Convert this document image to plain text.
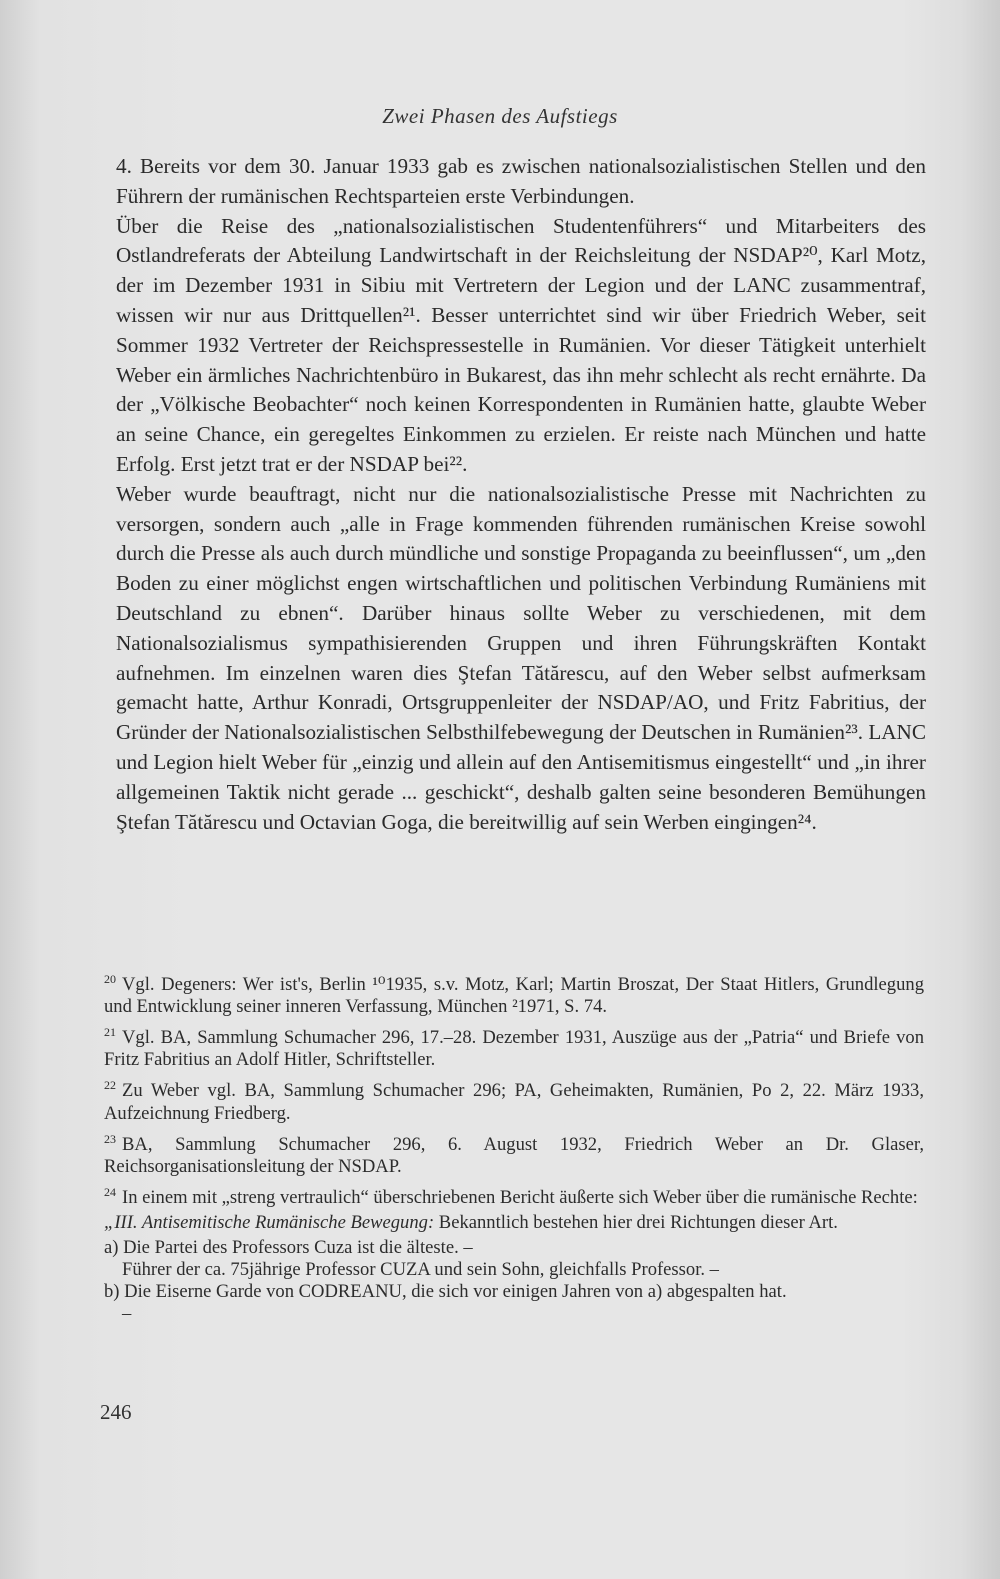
Zwei Phasen des Aufstiegs

4. Bereits vor dem 30. Januar 1933 gab es zwischen nationalsozialistischen Stellen und den Führern der rumänischen Rechtsparteien erste Verbindungen.

Über die Reise des „nationalsozialistischen Studentenführers“ und Mitarbeiters des Ostlandreferats der Abteilung Landwirtschaft in der Reichsleitung der NSDAP²⁰, Karl Motz, der im Dezember 1931 in Sibiu mit Vertretern der Legion und der LANC zusammentraf, wissen wir nur aus Drittquellen²¹. Besser unterrichtet sind wir über Friedrich Weber, seit Sommer 1932 Vertreter der Reichspressestelle in Rumänien. Vor dieser Tätigkeit unterhielt Weber ein ärmliches Nachrichtenbüro in Bukarest, das ihn mehr schlecht als recht ernährte. Da der „Völkische Beobachter“ noch keinen Korrespondenten in Rumänien hatte, glaubte Weber an seine Chance, ein geregeltes Einkommen zu erzielen. Er reiste nach München und hatte Erfolg. Erst jetzt trat er der NSDAP bei²².

Weber wurde beauftragt, nicht nur die nationalsozialistische Presse mit Nachrichten zu versorgen, sondern auch „alle in Frage kommenden führenden rumänischen Kreise sowohl durch die Presse als auch durch mündliche und sonstige Propaganda zu beeinflussen“, um „den Boden zu einer möglichst engen wirtschaftlichen und politischen Verbindung Rumäniens mit Deutschland zu ebnen“. Darüber hinaus sollte Weber zu verschiedenen, mit dem Nationalsozialismus sympathisierenden Gruppen und ihren Führungskräften Kontakt aufnehmen. Im einzelnen waren dies Ştefan Tătărescu, auf den Weber selbst aufmerksam gemacht hatte, Arthur Konradi, Ortsgruppenleiter der NSDAP/AO, und Fritz Fabritius, der Gründer der Nationalsozialistischen Selbsthilfebewegung der Deutschen in Rumänien²³. LANC und Legion hielt Weber für „einzig und allein auf den Antisemitismus eingestellt“ und „in ihrer allgemeinen Taktik nicht gerade ... geschickt“, deshalb galten seine besonderen Bemühungen Ştefan Tătărescu und Octavian Goga, die bereitwillig auf sein Werben eingingen²⁴.

$^{20}$ Vgl. Degeners: Wer ist's, Berlin ¹⁰1935, s.v. Motz, Karl; Martin Broszat, Der Staat Hitlers, Grundlegung und Entwicklung seiner inneren Verfassung, München ²1971, S. 74.

$^{21}$ Vgl. BA, Sammlung Schumacher 296, 17.–28. Dezember 1931, Auszüge aus der „Patria“ und Briefe von Fritz Fabritius an Adolf Hitler, Schriftsteller.

$^{22}$ Zu Weber vgl. BA, Sammlung Schumacher 296; PA, Geheimakten, Rumänien, Po 2, 22. März 1933, Aufzeichnung Friedberg.

$^{23}$ BA, Sammlung Schumacher 296, 6. August 1932, Friedrich Weber an Dr. Glaser, Reichsorganisationsleitung der NSDAP.

$^{24}$ In einem mit „streng vertraulich“ überschriebenen Bericht äußerte sich Weber über die rumänische Rechte:

„III. Antisemitische Rumänische Bewegung: Bekanntlich bestehen hier drei Richtungen dieser Art.

a) Die Partei des Professors Cuza ist die älteste. –

Führer der ca. 75jährige Professor CUZA und sein Sohn, gleichfalls Professor. –

b) Die Eiserne Garde von CODREANU, die sich vor einigen Jahren von a) abgespalten hat.

–

246
